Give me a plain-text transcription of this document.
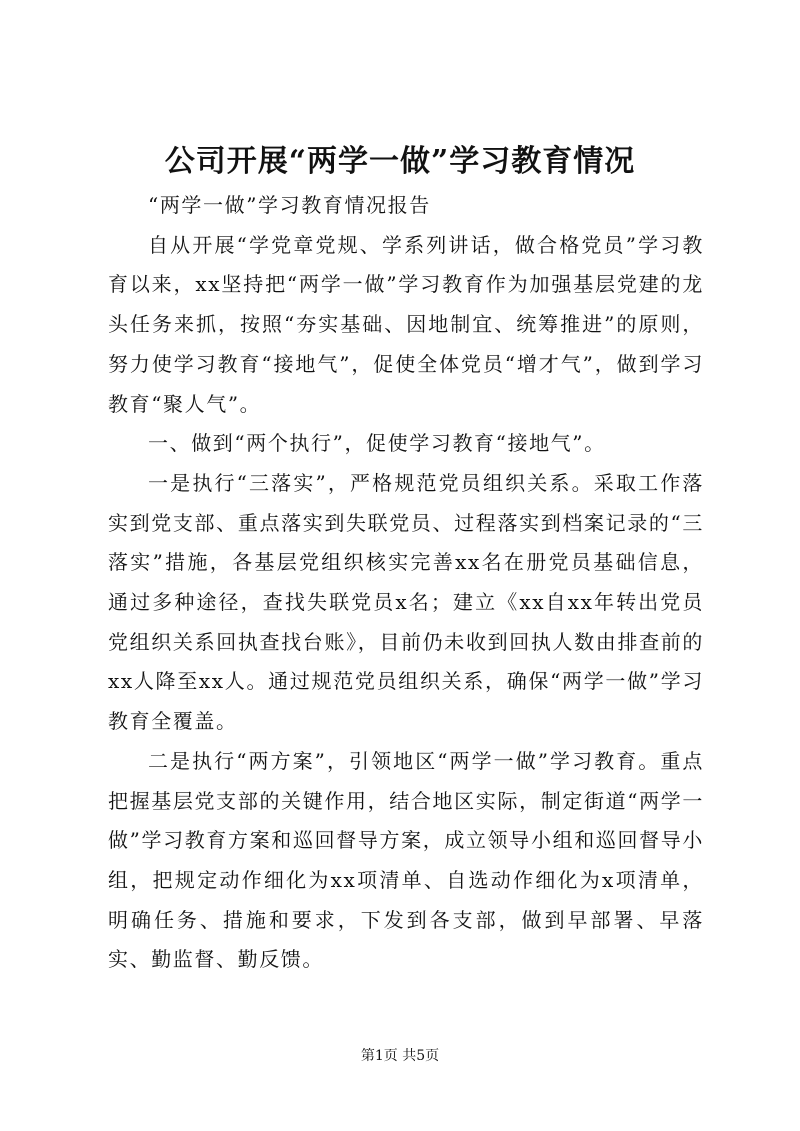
公司开展“两学一做”学习教育情况

“两学一做”学习教育情况报告

自从开展“学党章党规、学系列讲话，做合格党员”学习教育以来，xx坚持把“两学一做”学习教育作为加强基层党建的龙头任务来抓，按照“夯实基础、因地制宜、统筹推进”的原则，努力使学习教育“接地气”，促使全体党员“增才气”，做到学习教育“聚人气”。

一、做到“两个执行”，促使学习教育“接地气”。

一是执行“三落实”，严格规范党员组织关系。采取工作落实到党支部、重点落实到失联党员、过程落实到档案记录的“三落实”措施，各基层党组织核实完善xx名在册党员基础信息，通过多种途径，查找失联党员x名；建立《xx自xx年转出党员党组织关系回执查找台账》，目前仍未收到回执人数由排查前的xx人降至xx人。通过规范党员组织关系，确保“两学一做”学习教育全覆盖。

二是执行“两方案”，引领地区“两学一做”学习教育。重点把握基层党支部的关键作用，结合地区实际，制定街道“两学一做”学习教育方案和巡回督导方案，成立领导小组和巡回督导小组，把规定动作细化为xx项清单、自选动作细化为x项清单，明确任务、措施和要求，下发到各支部，做到早部署、早落实、勤监督、勤反馈。

第1页 共5页
